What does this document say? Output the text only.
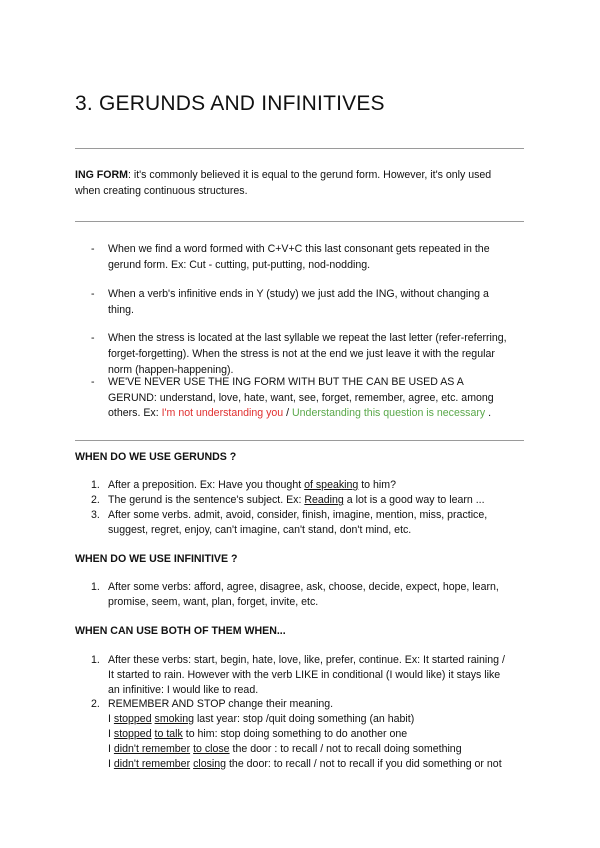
3. GERUNDS AND INFINITIVES
ING FORM: it's commonly believed it is equal to the gerund form. However, it's only used
when creating continuous structures.
- When we find a word formed with C+V+C this last consonant gets repeated in the
gerund form. Ex: Cut - cutting, put-putting, nod-nodding.
- When a verb's infinitive ends in Y (study) we just add the ING, without changing a
thing.
- When the stress is located at the last syllable we repeat the last letter (refer-referring,
forget-forgetting). When the stress is not at the end we just leave it with the regular
norm (happen-happening).
- WE'VE NEVER USE THE ING FORM WITH BUT THE CAN BE USED AS A
GERUND: understand, love, hate, want, see, forget, remember, agree, etc. among
others. Ex: I'm not understanding you / Understanding this question is necessary .
WHEN DO WE USE GERUNDS ?
1. After a preposition. Ex: Have you thought of speaking to him?
2. The gerund is the sentence's subject. Ex: Reading a lot is a good way to learn ...
3. After some verbs. admit, avoid, consider, finish, imagine, mention, miss, practice,
suggest, regret, enjoy, can't imagine, can't stand, don't mind, etc.
WHEN DO WE USE INFINITIVE ?
1. After some verbs: afford, agree, disagree, ask, choose, decide, expect, hope, learn,
promise, seem, want, plan, forget, invite, etc.
WHEN CAN USE BOTH OF THEM WHEN...
1. After these verbs: start, begin, hate, love, like, prefer, continue. Ex: It started raining /
It started to rain. However with the verb LIKE in conditional (I would like) it stays like
an infinitive: I would like to read.
2. REMEMBER AND STOP change their meaning.
I stopped smoking last year: stop /quit doing something (an habit)
I stopped to talk to him: stop doing something to do another one
I didn't remember to close the door : to recall / not to recall doing something
I didn't remember closing the door: to recall / not to recall if you did something or not
